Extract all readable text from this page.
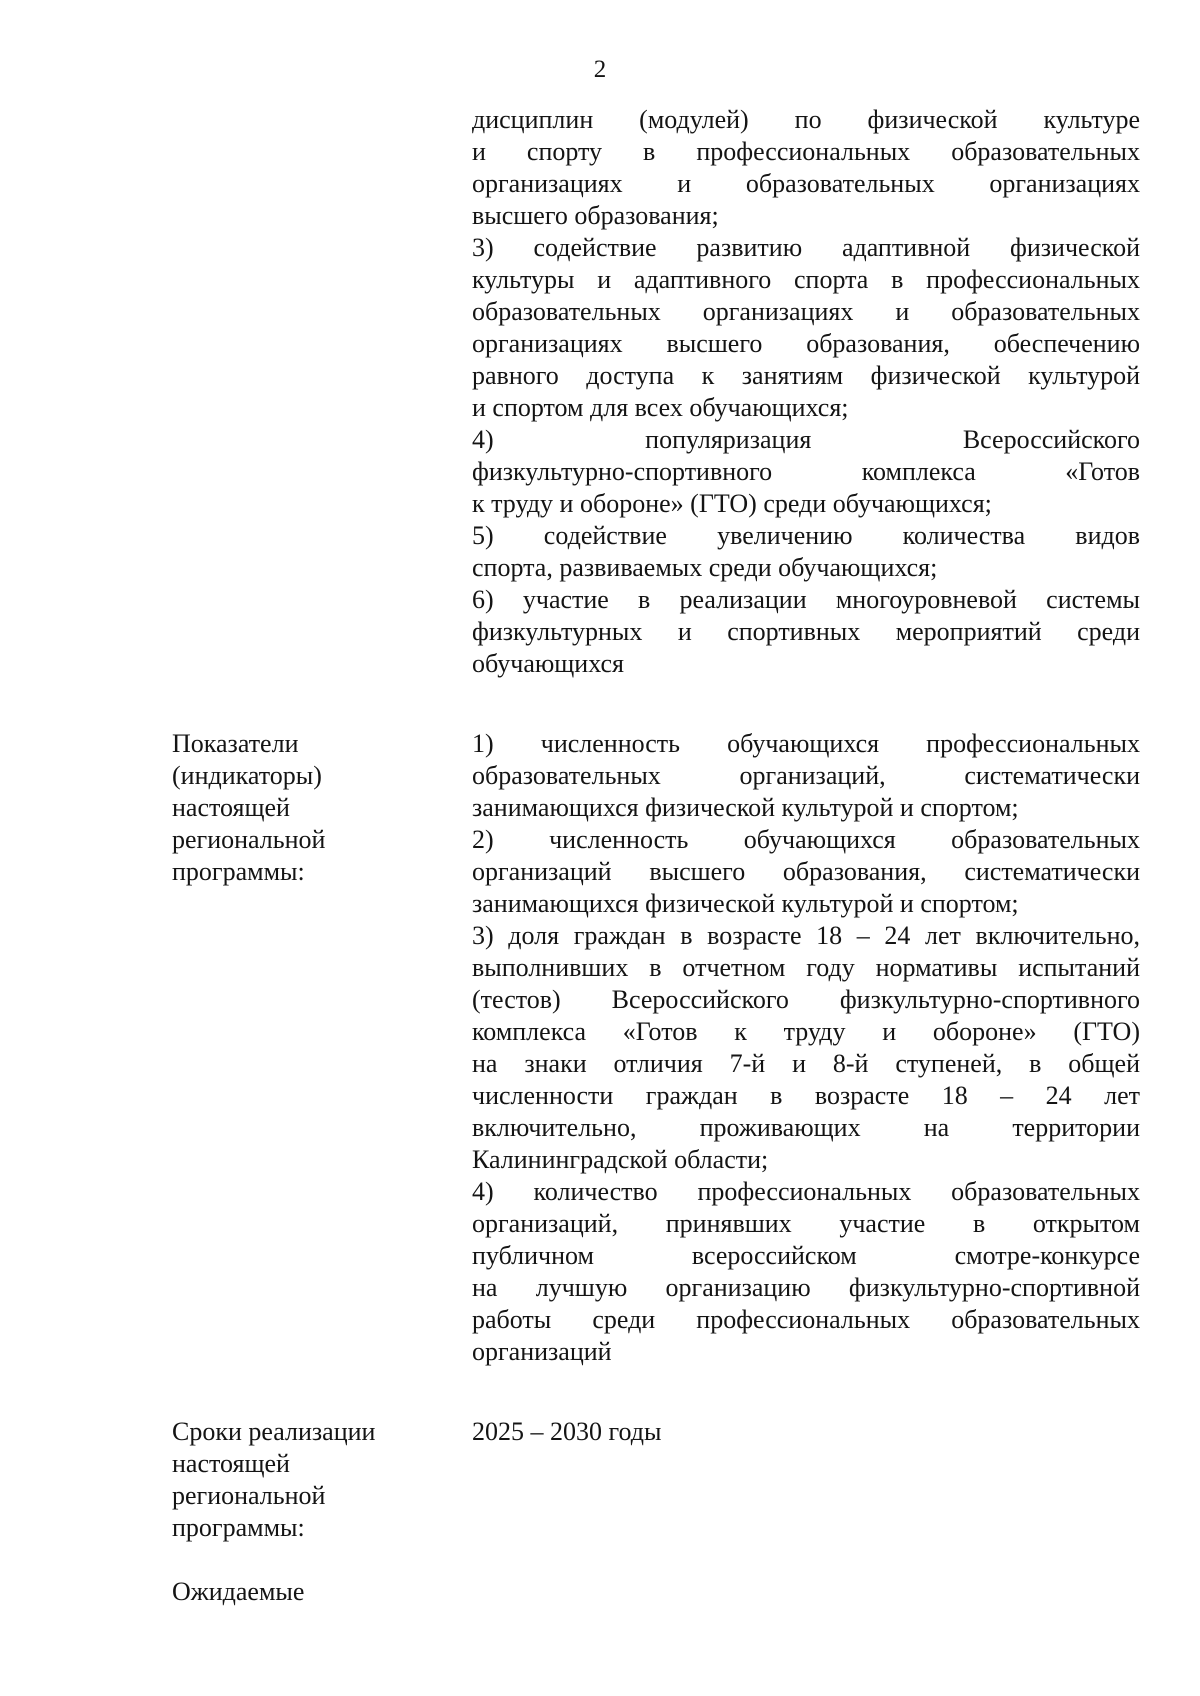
2

дисциплин (модулей) по физической культуре

и спорту в профессиональных образовательных

организациях и образовательных организациях

высшего образования;

3) содействие развитию адаптивной физической

культуры и адаптивного спорта в профессиональных

образовательных организациях и образовательных

организациях высшего образования, обеспечению

равного доступа к занятиям физической культурой

и спортом для всех обучающихся;

4) популяризация Всероссийского

физкультурно-спортивного комплекса «Готов

к труду и обороне» (ГТО) среди обучающихся;

5) содействие увеличению количества видов

спорта, развиваемых среди обучающихся;

6) участие в реализации многоуровневой системы

физкультурных и спортивных мероприятий среди

обучающихся

1) численность обучающихся профессиональных

образовательных организаций, систематически

занимающихся физической культурой и спортом;

2) численность обучающихся образовательных

организаций высшего образования, систематически

занимающихся физической культурой и спортом;

3) доля граждан в возрасте 18 – 24 лет включительно,

выполнивших в отчетном году нормативы испытаний

(тестов) Всероссийского физкультурно-спортивного

комплекса «Готов к труду и обороне» (ГТО)

на знаки отличия 7-й и 8-й ступеней, в общей

численности граждан в возрасте 18 – 24 лет

включительно, проживающих на территории

Калининградской области;

4) количество профессиональных образовательных

организаций, принявших участие в открытом

публичном всероссийском смотре-конкурсе

на лучшую организацию физкультурно-спортивной

работы среди профессиональных образовательных

организаций

2025 – 2030 годы

Показатели

(индикаторы)

настоящей

региональной

программы:

Сроки реализации

настоящей

региональной

программы:

Ожидаемые
